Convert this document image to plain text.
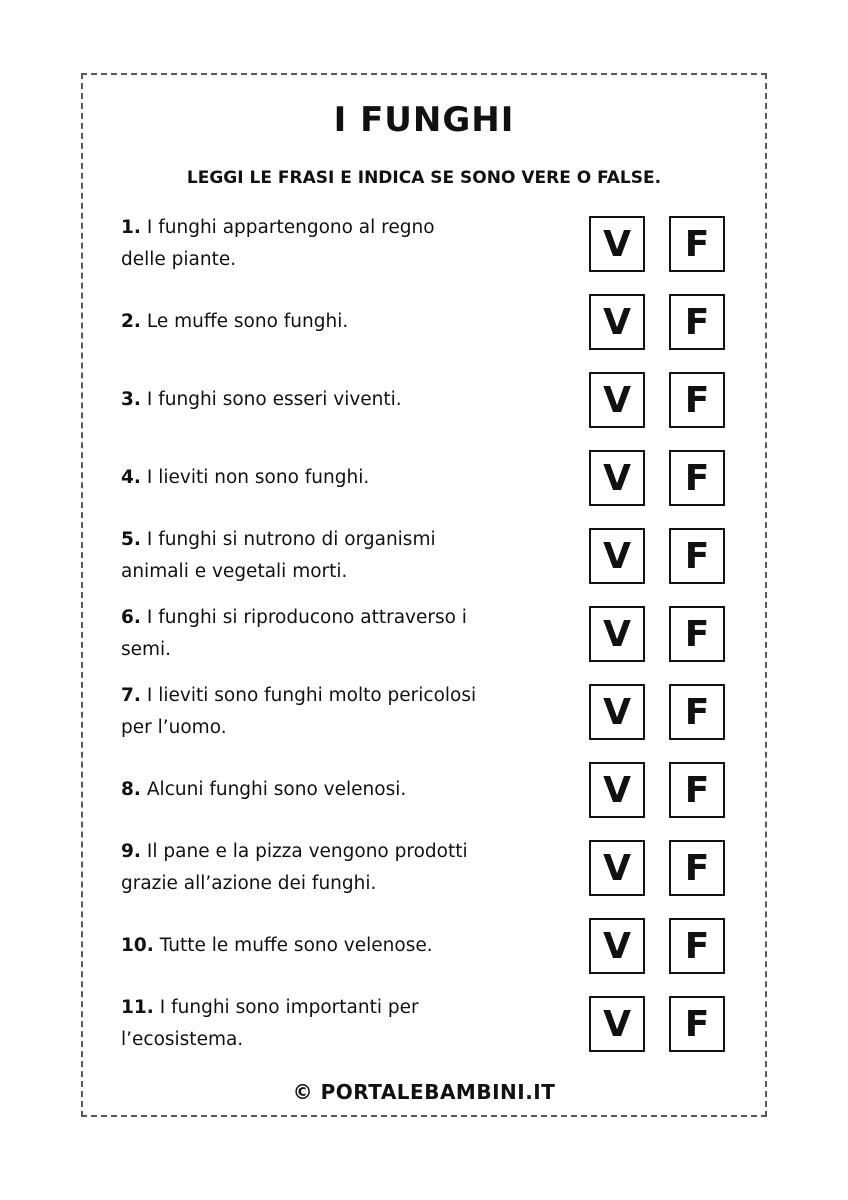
I FUNGHI

LEGGI LE FRASI E INDICA SE SONO VERE O FALSE.

1. I funghi appartengono al regno
delle piante.	V	F

2. Le muffe sono funghi.	V	F

3. I funghi sono esseri viventi.	V	F

4. I lieviti non sono funghi.	V	F

5. I funghi si nutrono di organismi
animali e vegetali morti.	V	F

6. I funghi si riproducono attraverso i
semi.	V	F

7. I lieviti sono funghi molto pericolosi
per l’uomo.	V	F

8. Alcuni funghi sono velenosi.	V	F

9. Il pane e la pizza vengono prodotti
grazie all’azione dei funghi.	V	F

10. Tutte le muffe sono velenose.	V	F

11. I funghi sono importanti per
l’ecosistema.	V	F

© PORTALEBAMBINI.IT
